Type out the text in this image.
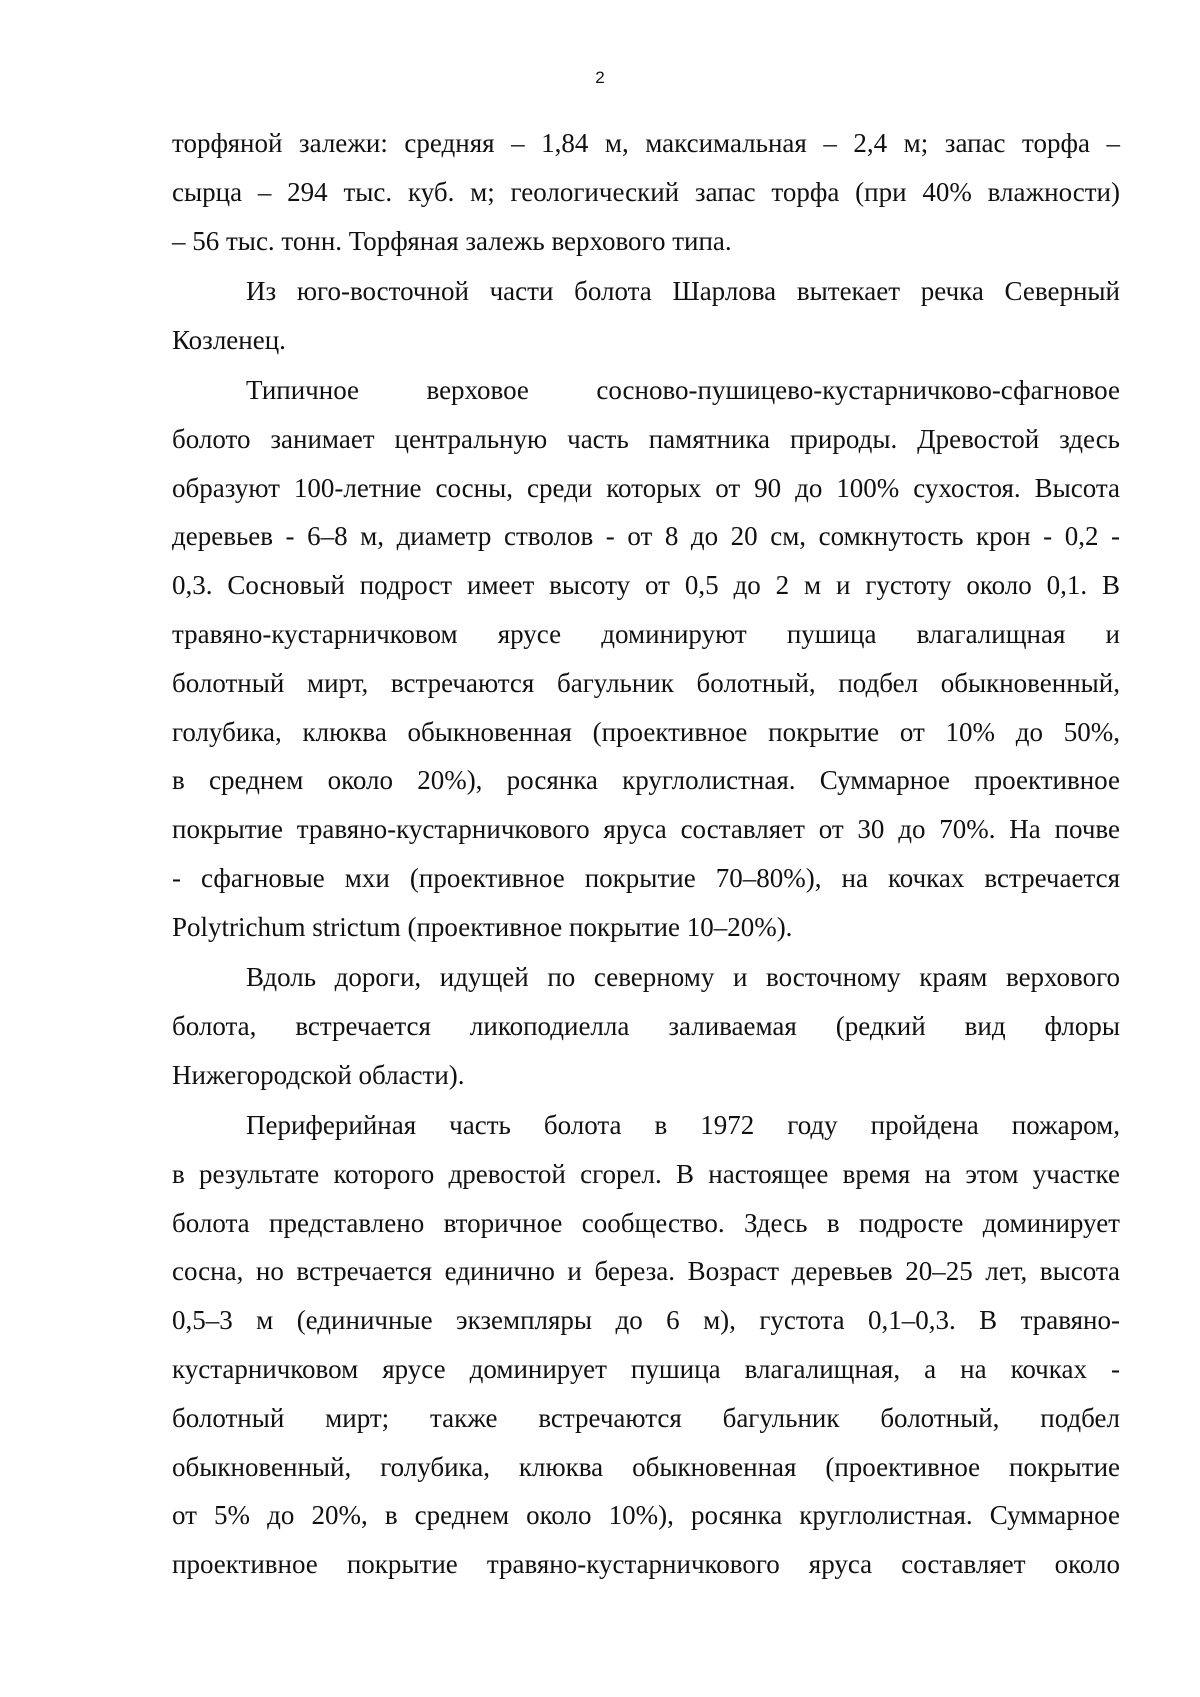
2
торфяной залежи: средняя – 1,84 м, максимальная – 2,4 м; запас торфа –
сырца – 294 тыс. куб. м; геологический запас торфа (при 40% влажности)
– 56 тыс. тонн. Торфяная залежь верхового типа.
Из юго-восточной части болота Шарлова вытекает речка Северный
Козленец.
Типичное верховое сосново-пушицево-кустарничково-сфагновое
болото занимает центральную часть памятника природы. Древостой здесь
образуют 100-летние сосны, среди которых от 90 до 100% сухостоя. Высота
деревьев - 6–8 м, диаметр стволов - от 8 до 20 см, сомкнутость крон - 0,2 -
0,3. Сосновый подрост имеет высоту от 0,5 до 2 м и густоту около 0,1. В
травяно-кустарничковом ярусе доминируют пушица влагалищная и
болотный мирт, встречаются багульник болотный, подбел обыкновенный,
голубика, клюква обыкновенная (проективное покрытие от 10% до 50%,
в среднем около 20%), росянка круглолистная. Суммарное проективное
покрытие травяно-кустарничкового яруса составляет от 30 до 70%. На почве
- сфагновые мхи (проективное покрытие 70–80%), на кочках встречается
Polytrichum strictum (проективное покрытие 10–20%).
Вдоль дороги, идущей по северному и восточному краям верхового
болота, встречается ликоподиелла заливаемая (редкий вид флоры
Нижегородской области).
Периферийная часть болота в 1972 году пройдена пожаром,
в результате которого древостой сгорел. В настоящее время на этом участке
болота представлено вторичное сообщество. Здесь в подросте доминирует
сосна, но встречается единично и береза. Возраст деревьев 20–25 лет, высота
0,5–3 м (единичные экземпляры до 6 м), густота 0,1–0,3. В травяно-
кустарничковом ярусе доминирует пушица влагалищная, а на кочках -
болотный мирт; также встречаются багульник болотный, подбел
обыкновенный, голубика, клюква обыкновенная (проективное покрытие
от 5% до 20%, в среднем около 10%), росянка круглолистная. Суммарное
проективное покрытие травяно-кустарничкового яруса составляет около
